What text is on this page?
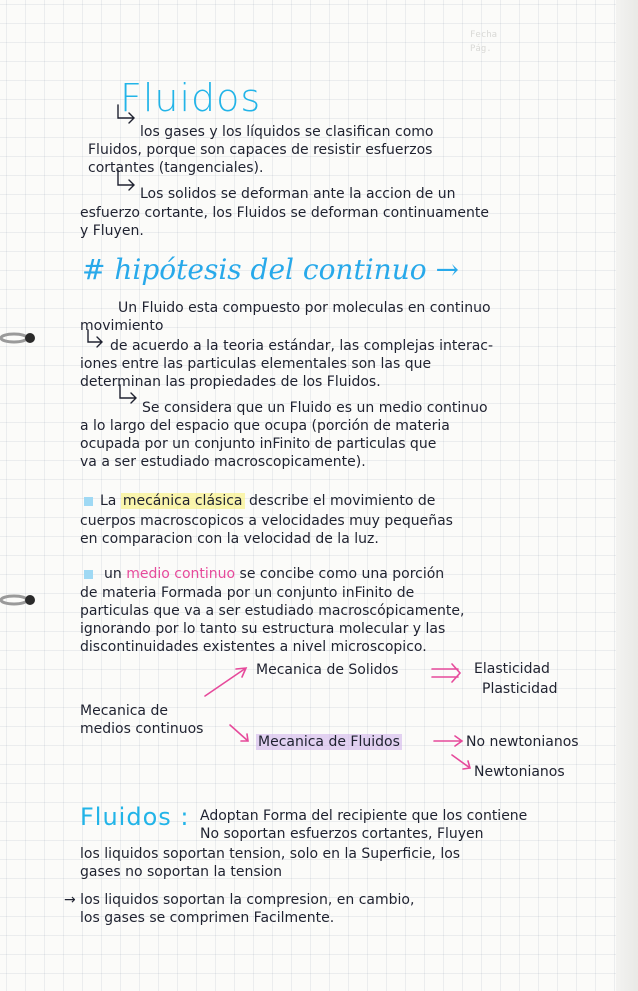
Fecha
Pág.
Fluidos
los gases y los líquidos se clasifican como
Fluidos, porque son capaces de resistir esfuerzos
cortantes (tangenciales).
Los solidos se deforman ante la accion de un
esfuerzo cortante, los Fluidos se deforman continuamente
y Fluyen.
# hipótesis del continuo →
Un Fluido esta compuesto por moleculas en continuo
movimiento
de acuerdo a la teoria estándar, las complejas interac-
iones entre las particulas elementales son las que
determinan las propiedades de los Fluidos.
Se considera que un Fluido es un medio continuo
a lo largo del espacio que ocupa (porción de materia
ocupada por un conjunto inFinito de particulas que
va a ser estudiado macroscopicamente).
La mecánica clásica describe el movimiento de
cuerpos macroscopicos a velocidades muy pequeñas
en comparacion con la velocidad de la luz.
un medio continuo se concibe como una porción
de materia Formada por un conjunto inFinito de
particulas que va a ser estudiado macroscópicamente,
ignorando por lo tanto su estructura molecular y las
discontinuidades existentes a nivel microscopico.
Mecanica de
medios continuos
Mecanica de Solidos	Elasticidad
Plasticidad
Mecanica de Fluidos	No newtonianos
Newtonianos
Fluidos : Adoptan Forma del recipiente que los contiene
No soportan esfuerzos cortantes, Fluyen
los liquidos soportan tension, solo en la Superficie, los
gases no soportan la tension
→ los liquidos soportan la compresion, en cambio,
los gases se comprimen Facilmente.
